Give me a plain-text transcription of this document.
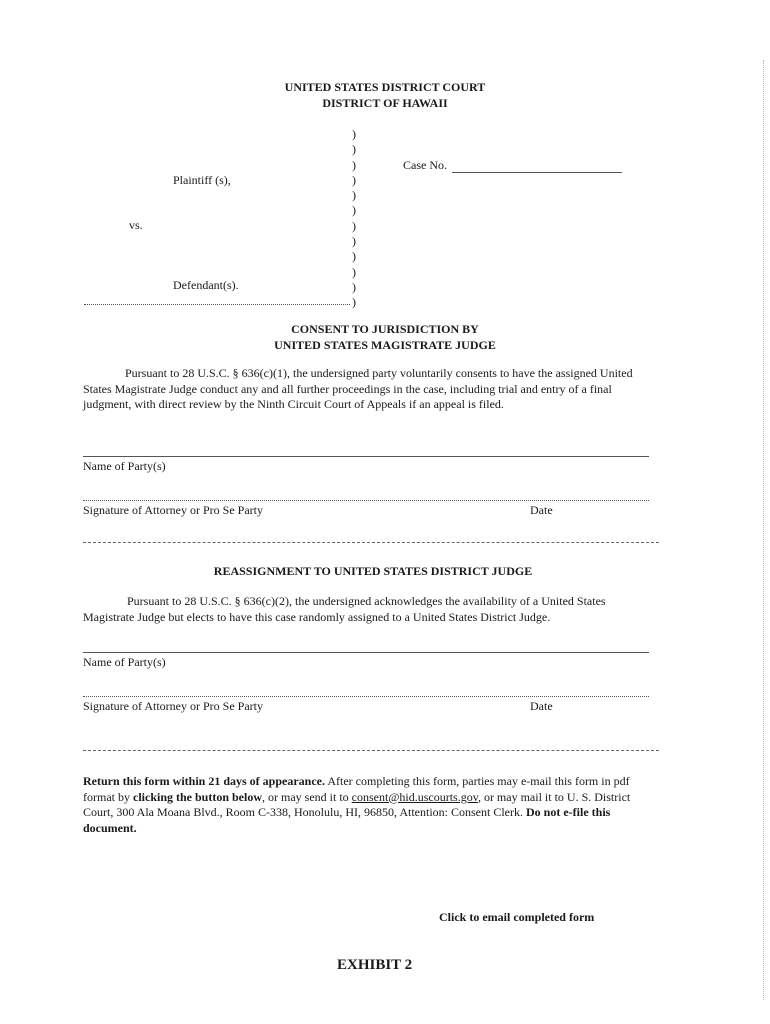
UNITED STATES DISTRICT COURT
DISTRICT OF HAWAII
)
)
)
)
)
)
)
)
)
)
)
)
Plaintiff (s),
vs.
Defendant(s).
Case No.
CONSENT TO JURISDICTION BY
UNITED STATES MAGISTRATE JUDGE
Pursuant to 28 U.S.C. § 636(c)(1), the undersigned party voluntarily consents to have the assigned United States Magistrate Judge conduct any and all further proceedings in the case, including trial and entry of a final judgment, with direct review by the Ninth Circuit Court of Appeals if an appeal is filed.
Name of Party(s)
Signature of Attorney or Pro Se Party	Date
REASSIGNMENT TO UNITED STATES DISTRICT JUDGE
Pursuant to 28 U.S.C. § 636(c)(2), the undersigned acknowledges the availability of a United States Magistrate Judge but elects to have this case randomly assigned to a United States District Judge.
Name of Party(s)
Signature of Attorney or Pro Se Party	Date
Return this form within 21 days of appearance. After completing this form, parties may e-mail this form in pdf format by clicking the button below, or may send it to consent@hid.uscourts.gov, or may mail it to U. S. District Court, 300 Ala Moana Blvd., Room C-338, Honolulu, HI, 96850, Attention: Consent Clerk. Do not e-file this document.
Click to email completed form
EXHIBIT 2
